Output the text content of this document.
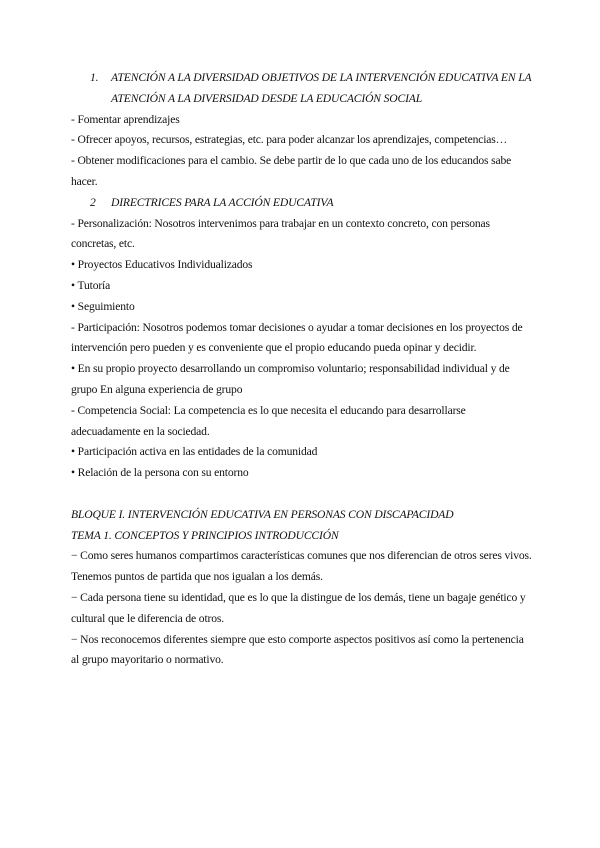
1.	ATENCIÓN A LA DIVERSIDAD OBJETIVOS DE LA INTERVENCIÓN EDUCATIVA EN LA ATENCIÓN A LA DIVERSIDAD DESDE LA EDUCACIÓN SOCIAL

- Fomentar aprendizajes

- Ofrecer apoyos, recursos, estrategias, etc. para poder alcanzar los aprendizajes, competencias…

- Obtener modificaciones para el cambio. Se debe partir de lo que cada uno de los educandos sabe hacer.

2	DIRECTRICES PARA LA ACCIÓN EDUCATIVA

- Personalización: Nosotros intervenimos para trabajar en un contexto concreto, con personas concretas, etc.

• Proyectos Educativos Individualizados

• Tutoría

• Seguimiento

- Participación: Nosotros podemos tomar decisiones o ayudar a tomar decisiones en los proyectos de intervención pero pueden y es conveniente que el propio educando pueda opinar y decidir.

• En su propio proyecto desarrollando un compromiso voluntario; responsabilidad individual y de grupo En alguna experiencia de grupo

- Competencia Social: La competencia es lo que necesita el educando para desarrollarse adecuadamente en la sociedad.

• Participación activa en las entidades de la comunidad

• Relación de la persona con su entorno

BLOQUE I. INTERVENCIÓN EDUCATIVA EN PERSONAS CON DISCAPACIDAD

TEMA 1. CONCEPTOS Y PRINCIPIOS INTRODUCCIÓN

− Como seres humanos compartimos características comunes que nos diferencian de otros seres vivos. Tenemos puntos de partida que nos igualan a los demás.

− Cada persona tiene su identidad, que es lo que la distingue de los demás, tiene un bagaje genético y cultural que le diferencia de otros.

− Nos reconocemos diferentes siempre que esto comporte aspectos positivos así como la pertenencia al grupo mayoritario o normativo.
